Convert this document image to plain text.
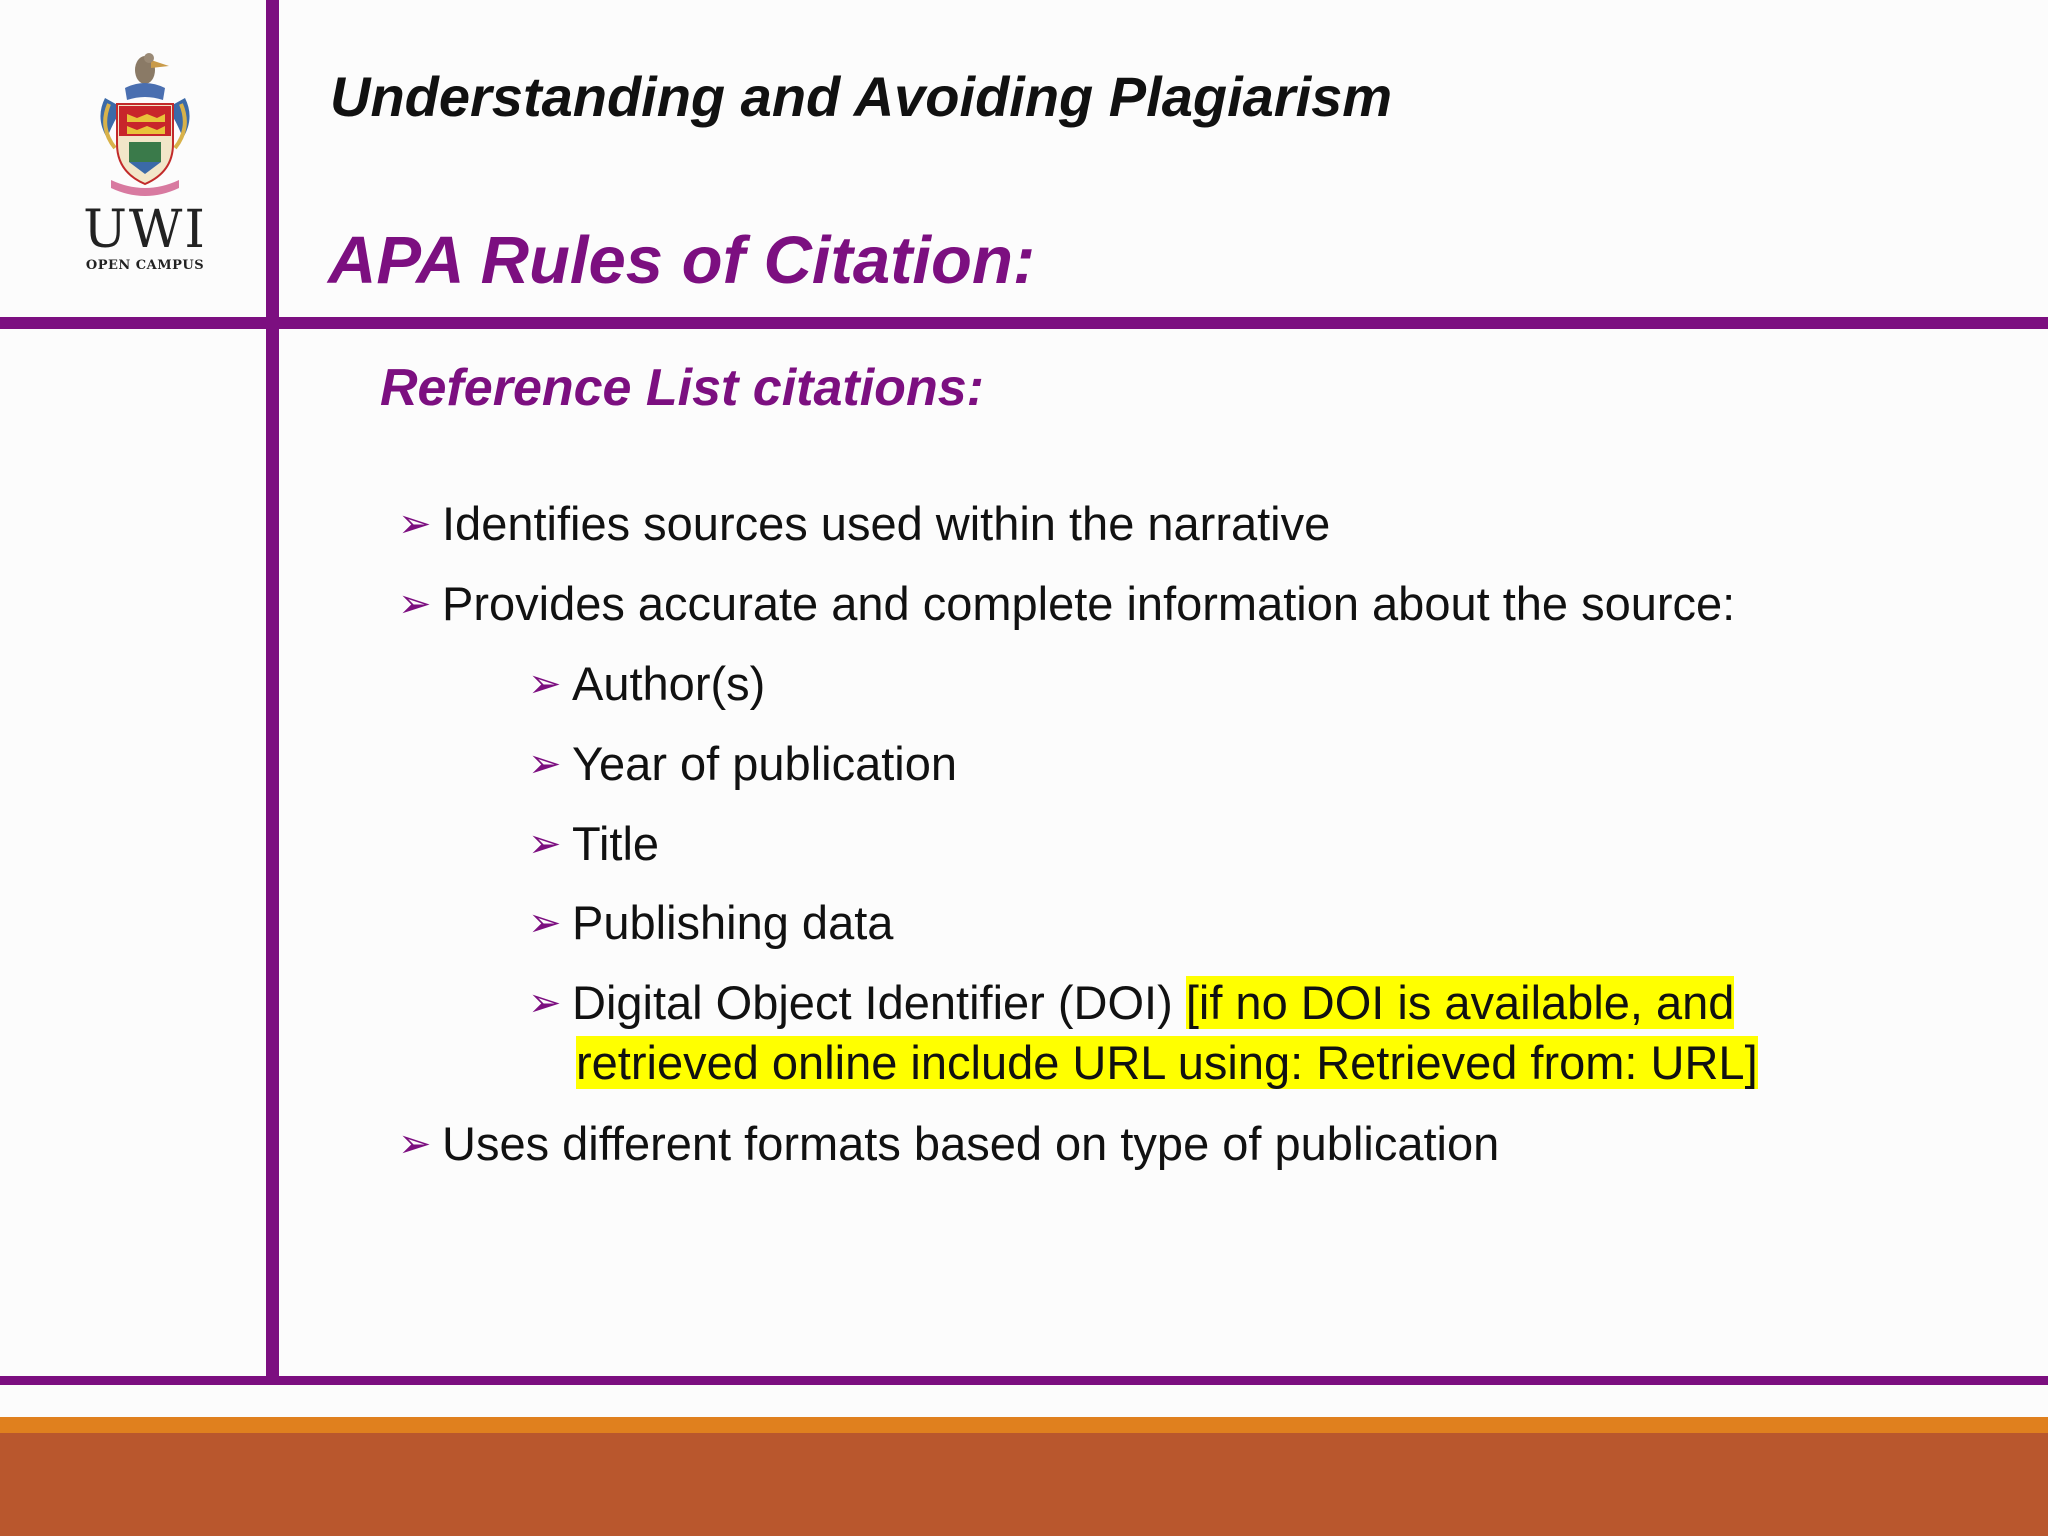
UWI
OPEN CAMPUS
Understanding and Avoiding Plagiarism
APA Rules of Citation:
Reference List citations:
➢ Identifies sources used within the narrative
➢ Provides accurate and complete information about the source:
➢ Author(s)
➢ Year of publication
➢ Title
➢ Publishing data
➢ Digital Object Identifier (DOI) [if no DOI is available, and
retrieved online include URL using: Retrieved from: URL]
➢ Uses different formats based on type of publication
